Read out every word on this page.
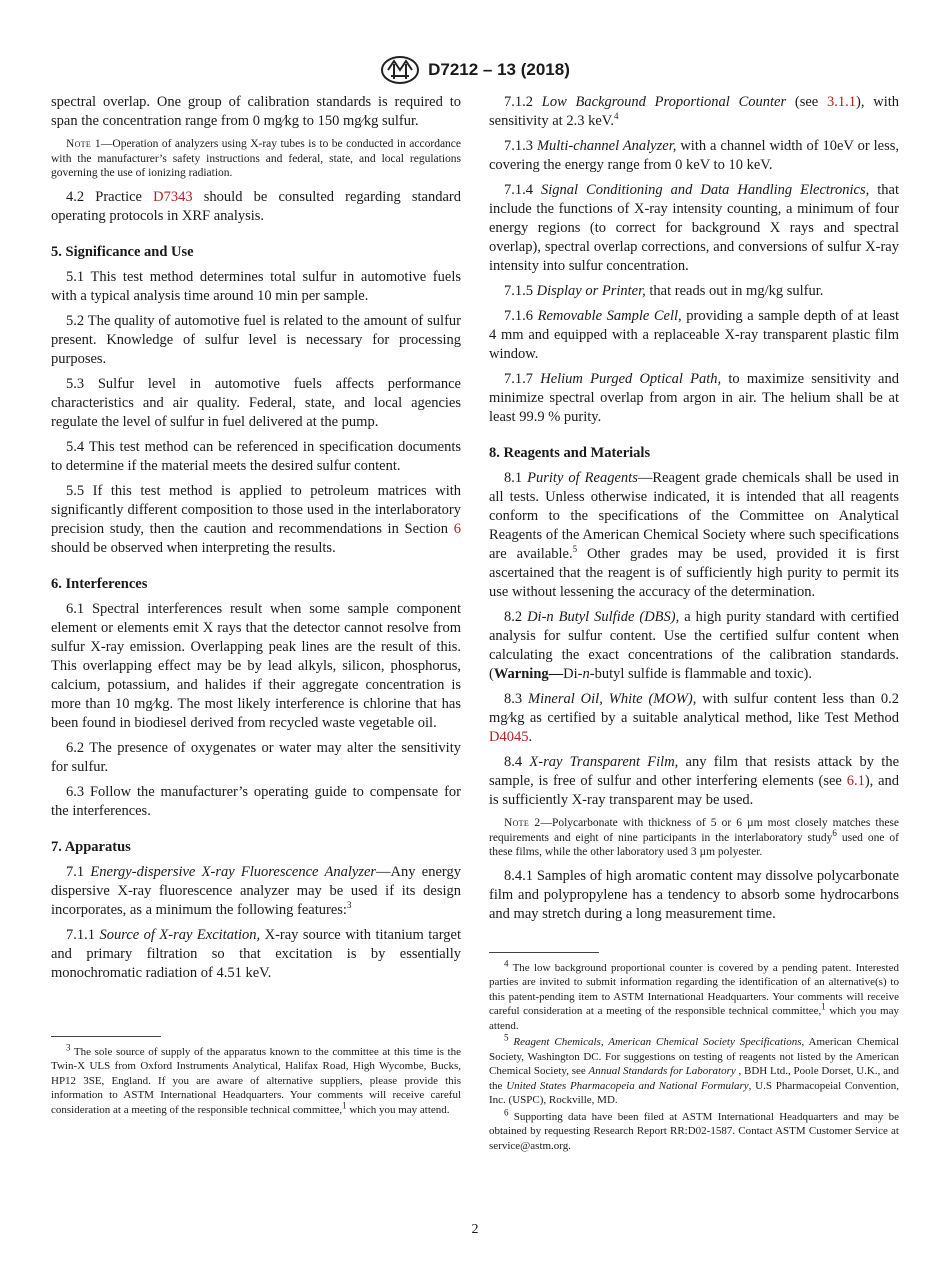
D7212 – 13 (2018)

spectral overlap. One group of calibration standards is required to span the concentration range from 0 mg⁄kg to 150 mg⁄kg sulfur.

Note 1—Operation of analyzers using X-ray tubes is to be conducted in accordance with the manufacturer’s safety instructions and federal, state, and local regulations governing the use of ionizing radiation.

4.2 Practice D7343 should be consulted regarding standard operating protocols in XRF analysis.

5. Significance and Use

5.1 This test method determines total sulfur in automotive fuels with a typical analysis time around 10 min per sample.

5.2 The quality of automotive fuel is related to the amount of sulfur present. Knowledge of sulfur level is necessary for processing purposes.

5.3 Sulfur level in automotive fuels affects performance characteristics and air quality. Federal, state, and local agencies regulate the level of sulfur in fuel delivered at the pump.

5.4 This test method can be referenced in specification documents to determine if the material meets the desired sulfur content.

5.5 If this test method is applied to petroleum matrices with significantly different composition to those used in the interlaboratory precision study, then the caution and recommendations in Section 6 should be observed when interpreting the results.

6. Interferences

6.1 Spectral interferences result when some sample component element or elements emit X rays that the detector cannot resolve from sulfur X-ray emission. Overlapping peak lines are the result of this. This overlapping effect may be by lead alkyls, silicon, phosphorus, calcium, potassium, and halides if their aggregate concentration is more than 10 mg⁄kg. The most likely interference is chlorine that has been found in biodiesel derived from recycled waste vegetable oil.

6.2 The presence of oxygenates or water may alter the sensitivity for sulfur.

6.3 Follow the manufacturer’s operating guide to compensate for the interferences.

7. Apparatus

7.1 Energy-dispersive X-ray Fluorescence Analyzer—Any energy dispersive X-ray fluorescence analyzer may be used if its design incorporates, as a minimum the following features:$^3$

7.1.1 Source of X-ray Excitation, X-ray source with titanium target and primary filtration so that excitation is by essentially monochromatic radiation of 4.51 keV.

$^3$ The sole source of supply of the apparatus known to the committee at this time is the Twin-X ULS from Oxford Instruments Analytical, Halifax Road, High Wycombe, Bucks, HP12 3SE, England. If you are aware of alternative suppliers, please provide this information to ASTM International Headquarters. Your comments will receive careful consideration at a meeting of the responsible technical committee,$^1$ which you may attend.

7.1.2 Low Background Proportional Counter (see 3.1.1), with sensitivity at 2.3 keV.$^4$

7.1.3 Multi-channel Analyzer, with a channel width of 10eV or less, covering the energy range from 0 keV to 10 keV.

7.1.4 Signal Conditioning and Data Handling Electronics, that include the functions of X-ray intensity counting, a minimum of four energy regions (to correct for background X rays and spectral overlap), spectral overlap corrections, and conversions of sulfur X-ray intensity into sulfur concentration.

7.1.5 Display or Printer, that reads out in mg/kg sulfur.

7.1.6 Removable Sample Cell, providing a sample depth of at least 4 mm and equipped with a replaceable X-ray transparent plastic film window.

7.1.7 Helium Purged Optical Path, to maximize sensitivity and minimize spectral overlap from argon in air. The helium shall be at least 99.9 % purity.

8. Reagents and Materials

8.1 Purity of Reagents—Reagent grade chemicals shall be used in all tests. Unless otherwise indicated, it is intended that all reagents conform to the specifications of the Committee on Analytical Reagents of the American Chemical Society where such specifications are available.$^5$ Other grades may be used, provided it is first ascertained that the reagent is of sufficiently high purity to permit its use without lessening the accuracy of the determination.

8.2 Di-n Butyl Sulfide (DBS), a high purity standard with certified analysis for sulfur content. Use the certified sulfur content when calculating the exact concentrations of the calibration standards. (Warning—Di-n-butyl sulfide is flammable and toxic).

8.3 Mineral Oil, White (MOW), with sulfur content less than 0.2 mg⁄kg as certified by a suitable analytical method, like Test Method D4045.

8.4 X-ray Transparent Film, any film that resists attack by the sample, is free of sulfur and other interfering elements (see 6.1), and is sufficiently X-ray transparent may be used.

Note 2—Polycarbonate with thickness of 5 or 6 µm most closely matches these requirements and eight of nine participants in the interlaboratory study$^6$ used one of these films, while the other laboratory used 3 µm polyester.

8.4.1 Samples of high aromatic content may dissolve polycarbonate film and polypropylene has a tendency to absorb some hydrocarbons and may stretch during a long measurement time.

$^4$ The low background proportional counter is covered by a pending patent. Interested parties are invited to submit information regarding the identification of an alternative(s) to this patent-pending item to ASTM International Headquarters. Your comments will receive careful consideration at a meeting of the responsible technical committee,$^1$ which you may attend.
$^5$ Reagent Chemicals, American Chemical Society Specifications, American Chemical Society, Washington DC. For suggestions on testing of reagents not listed by the American Chemical Society, see Annual Standards for Laboratory , BDH Ltd., Poole Dorset, U.K., and the United States Pharmacopeia and National Formulary, U.S Pharmacopeial Convention, Inc. (USPC), Rockville, MD.
$^6$ Supporting data have been filed at ASTM International Headquarters and may be obtained by requesting Research Report RR:D02-1587. Contact ASTM Customer Service at service@astm.org.
2
